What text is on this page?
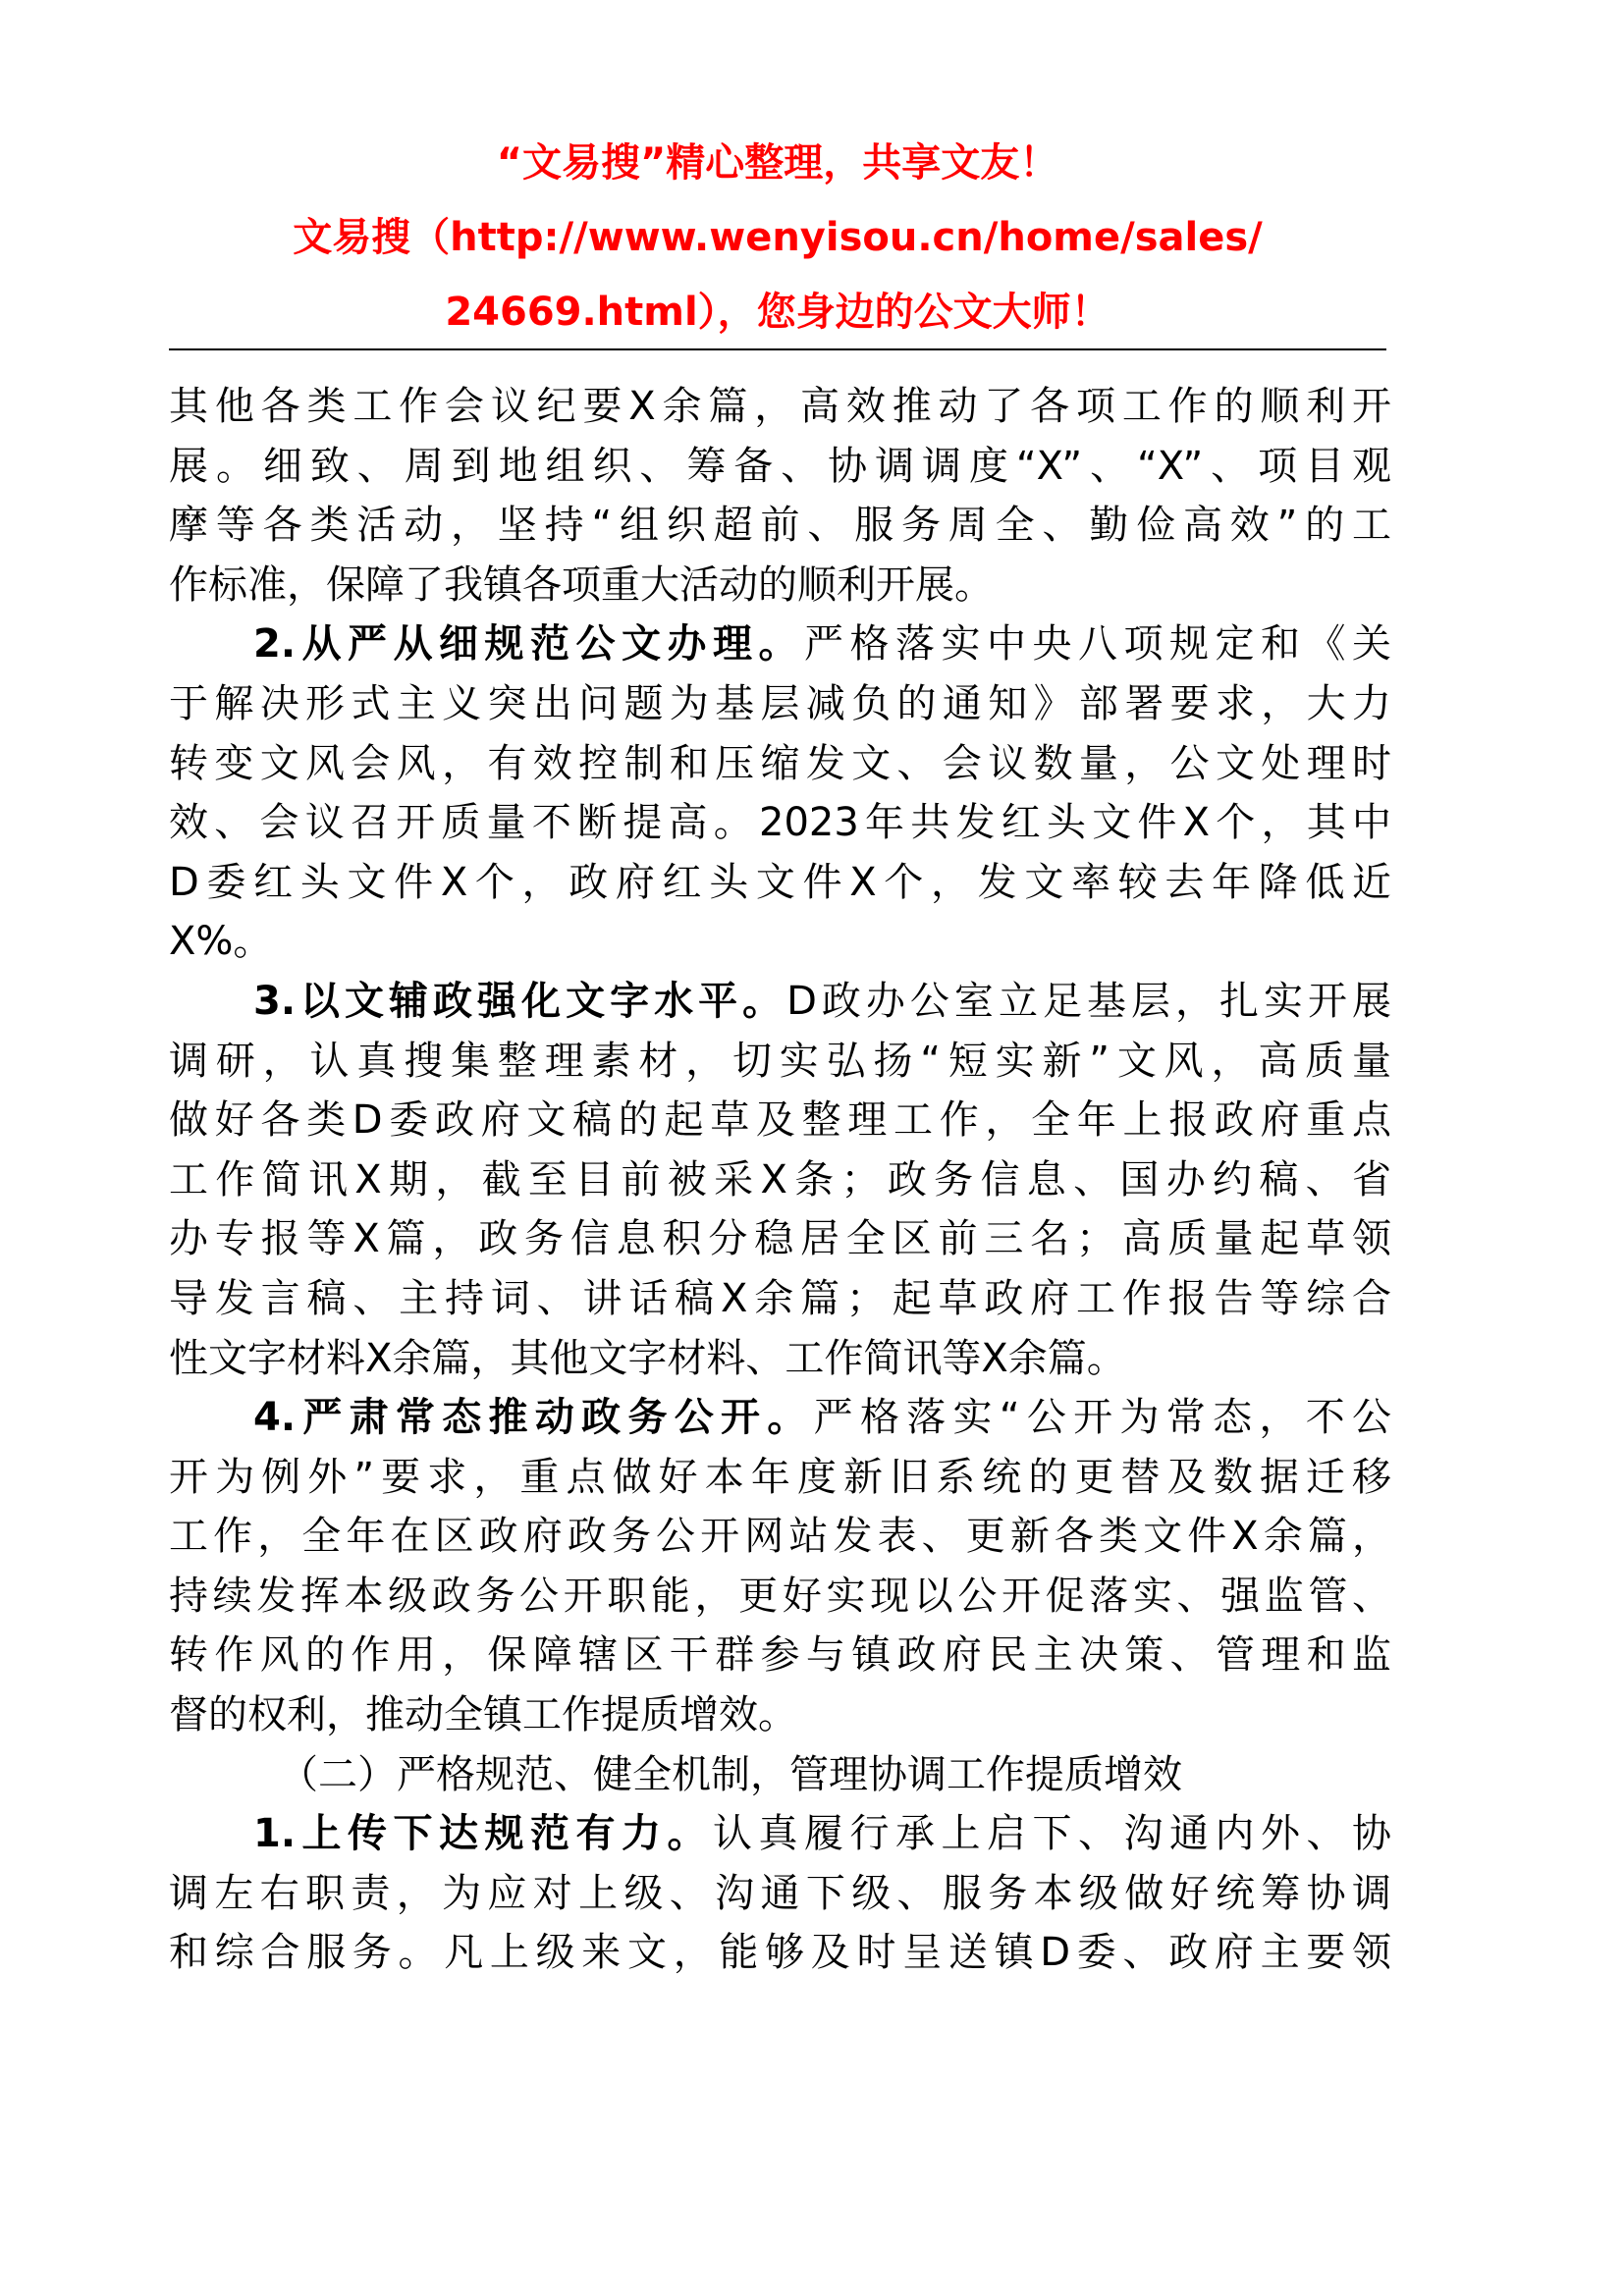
“文易搜”精心整理，共享文友！
文易搜（http://www.wenyisou.cn/home/sales/
24669.html），您身边的公文大师！
其他各类工作会议纪要X余篇，高效推动了各项工作的顺利开
展。细致、周到地组织、筹备、协调调度“X”、“X”、项目观
摩等各类活动，坚持“组织超前、服务周全、勤俭高效”的工
作标准，保障了我镇各项重大活动的顺利开展。
2.从严从细规范公文办理。严格落实中央八项规定和《关
于解决形式主义突出问题为基层减负的通知》部署要求，大力
转变文风会风，有效控制和压缩发文、会议数量，公文处理时
效、会议召开质量不断提高。2023年共发红头文件X个，其中
D委红头文件X个，政府红头文件X个，发文率较去年降低近
X%。
3.以文辅政强化文字水平。D政办公室立足基层，扎实开展
调研，认真搜集整理素材，切实弘扬“短实新”文风，高质量
做好各类D委政府文稿的起草及整理工作，全年上报政府重点
工作简讯X期，截至目前被采X条；政务信息、国办约稿、省
办专报等X篇，政务信息积分稳居全区前三名；高质量起草领
导发言稿、主持词、讲话稿X余篇；起草政府工作报告等综合
性文字材料X余篇，其他文字材料、工作简讯等X余篇。
4.严肃常态推动政务公开。严格落实“公开为常态，不公
开为例外”要求，重点做好本年度新旧系统的更替及数据迁移
工作，全年在区政府政务公开网站发表、更新各类文件X余篇，
持续发挥本级政务公开职能，更好实现以公开促落实、强监管、
转作风的作用，保障辖区干群参与镇政府民主决策、管理和监
督的权利，推动全镇工作提质增效。
（二）严格规范、健全机制，管理协调工作提质增效
1.上传下达规范有力。认真履行承上启下、沟通内外、协
调左右职责，为应对上级、沟通下级、服务本级做好统筹协调
和综合服务。凡上级来文，能够及时呈送镇D委、政府主要领
